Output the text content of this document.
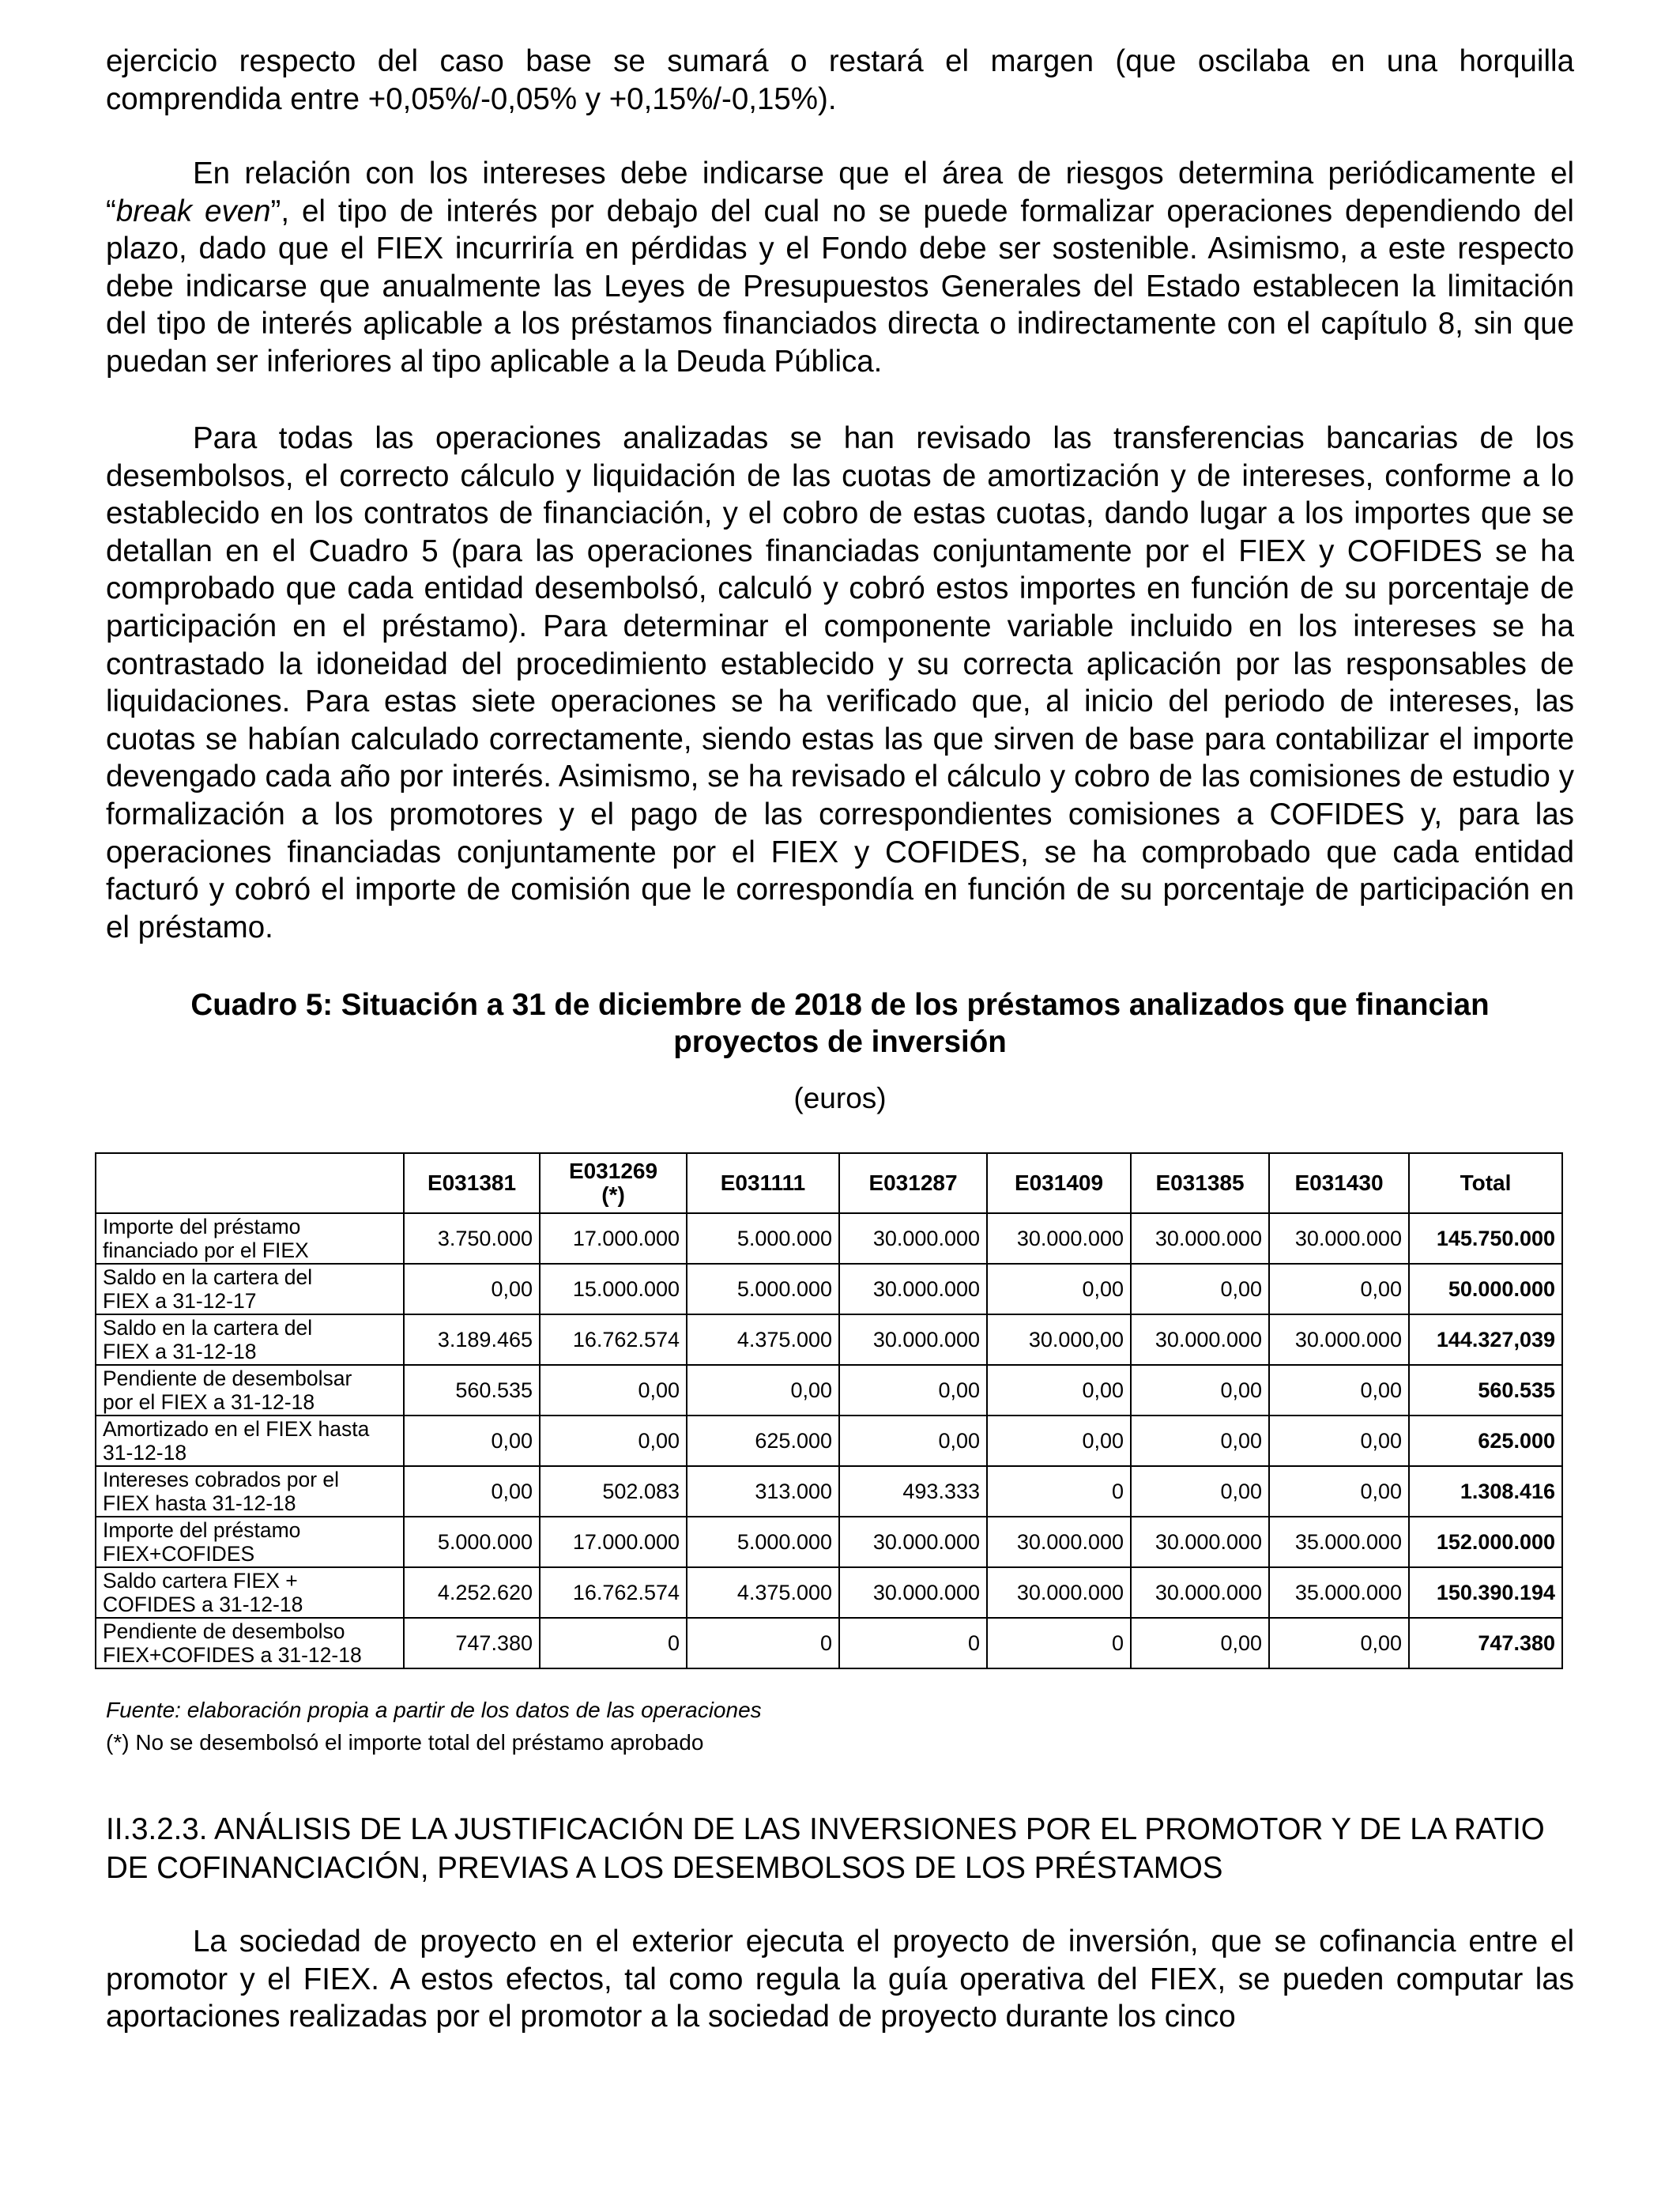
ejercicio respecto del caso base se sumará o restará el margen (que oscilaba en una horquilla
comprendida entre +0,05%/-0,05% y +0,15%/-0,15%).

En relación con los intereses debe indicarse que el área de riesgos determina periódicamente el “break even”, el tipo de interés por debajo del cual no se puede formalizar operaciones dependiendo del plazo, dado que el FIEX incurriría en pérdidas y el Fondo debe ser sostenible. Asimismo, a este respecto debe indicarse que anualmente las Leyes de Presupuestos Generales del Estado establecen la limitación del tipo de interés aplicable a los préstamos financiados directa o indirectamente con el capítulo 8, sin que puedan ser inferiores al tipo aplicable a la Deuda Pública.

Para todas las operaciones analizadas se han revisado las transferencias bancarias de los desembolsos, el correcto cálculo y liquidación de las cuotas de amortización y de intereses, conforme a lo establecido en los contratos de financiación, y el cobro de estas cuotas, dando lugar a los importes que se detallan en el Cuadro 5 (para las operaciones financiadas conjuntamente por el FIEX y COFIDES se ha comprobado que cada entidad desembolsó, calculó y cobró estos importes en función de su porcentaje de participación en el préstamo). Para determinar el componente variable incluido en los intereses se ha contrastado la idoneidad del procedimiento establecido y su correcta aplicación por las responsables de liquidaciones. Para estas siete operaciones se ha verificado que, al inicio del periodo de intereses, las cuotas se habían calculado correctamente, siendo estas las que sirven de base para contabilizar el importe devengado cada año por interés. Asimismo, se ha revisado el cálculo y cobro de las comisiones de estudio y formalización a los promotores y el pago de las correspondientes comisiones a COFIDES y, para las operaciones financiadas conjuntamente por el FIEX y COFIDES, se ha comprobado que cada entidad facturó y cobró el importe de comisión que le correspondía en función de su porcentaje de participación en el préstamo.

Cuadro 5: Situación a 31 de diciembre de 2018 de los préstamos analizados que financian
proyectos de inversión
(euros)
	E031381	E031269
(*)	E031111	E031287	E031409	E031385	E031430	Total

Importe del préstamo
financiado por el FIEX	3.750.000	17.000.000	5.000.000	30.000.000	30.000.000	30.000.000	30.000.000	145.750.000

Saldo en la cartera del
FIEX a 31-12-17	0,00	15.000.000	5.000.000	30.000.000	0,00	0,00	0,00	50.000.000

Saldo en la cartera del
FIEX a 31-12-18	3.189.465	16.762.574	4.375.000	30.000.000	30.000,00	30.000.000	30.000.000	144.327,039

Pendiente de desembolsar
por el FIEX a 31-12-18	560.535	0,00	0,00	0,00	0,00	0,00	0,00	560.535

Amortizado en el FIEX hasta
31-12-18	0,00	0,00	625.000	0,00	0,00	0,00	0,00	625.000

Intereses cobrados por el
FIEX hasta 31-12-18	0,00	502.083	313.000	493.333	0	0,00	0,00	1.308.416

Importe del préstamo
FIEX+COFIDES	5.000.000	17.000.000	5.000.000	30.000.000	30.000.000	30.000.000	35.000.000	152.000.000

Saldo cartera FIEX +
COFIDES a 31-12-18	4.252.620	16.762.574	4.375.000	30.000.000	30.000.000	30.000.000	35.000.000	150.390.194

Pendiente de desembolso
FIEX+COFIDES a 31-12-18	747.380	0	0	0	0	0,00	0,00	747.380
Fuente: elaboración propia a partir de los datos de las operaciones
(*) No se desembolsó el importe total del préstamo aprobado
II.3.2.3. ANÁLISIS DE LA JUSTIFICACIÓN DE LAS INVERSIONES POR EL PROMOTOR Y DE LA RATIO DE COFINANCIACIÓN, PREVIAS A LOS DESEMBOLSOS DE LOS PRÉSTAMOS

La sociedad de proyecto en el exterior ejecuta el proyecto de inversión, que se cofinancia entre el promotor y el FIEX. A estos efectos, tal como regula la guía operativa del FIEX, se pueden computar las aportaciones realizadas por el promotor a la sociedad de proyecto durante los cinco
